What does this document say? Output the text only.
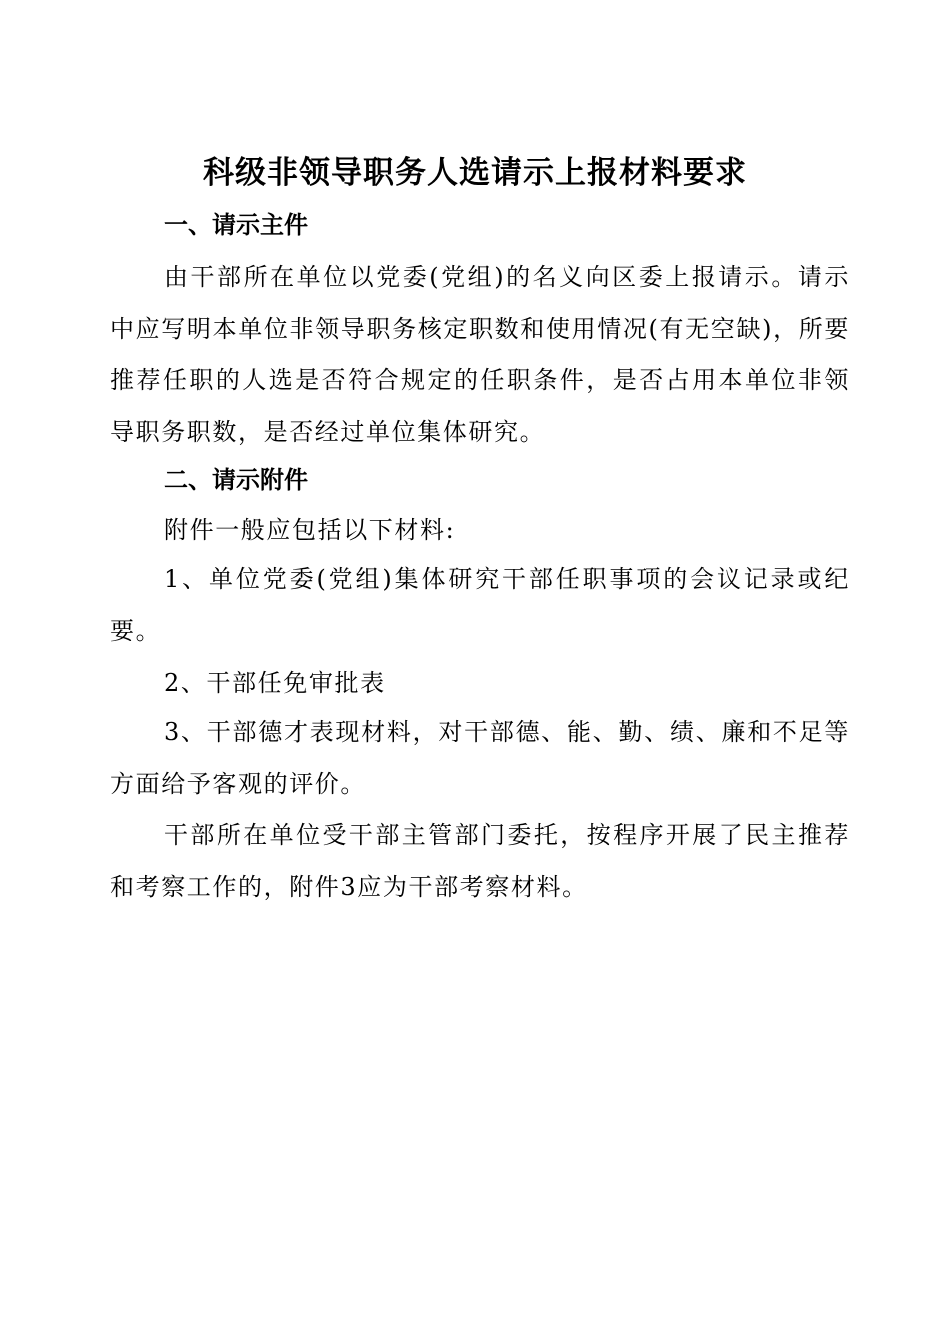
科级非领导职务人选请示上报材料要求
一、请示主件
由干部所在单位以党委(党组)的名义向区委上报请示。请示中应写明本单位非领导职务核定职数和使用情况(有无空缺)，所要推荐任职的人选是否符合规定的任职条件，是否占用本单位非领导职务职数，是否经过单位集体研究。
二、请示附件
附件一般应包括以下材料:
1、单位党委(党组)集体研究干部任职事项的会议记录或纪要。
2、干部任免审批表
3、干部德才表现材料，对干部德、能、勤、绩、廉和不足等方面给予客观的评价。
干部所在单位受干部主管部门委托，按程序开展了民主推荐和考察工作的，附件3应为干部考察材料。
